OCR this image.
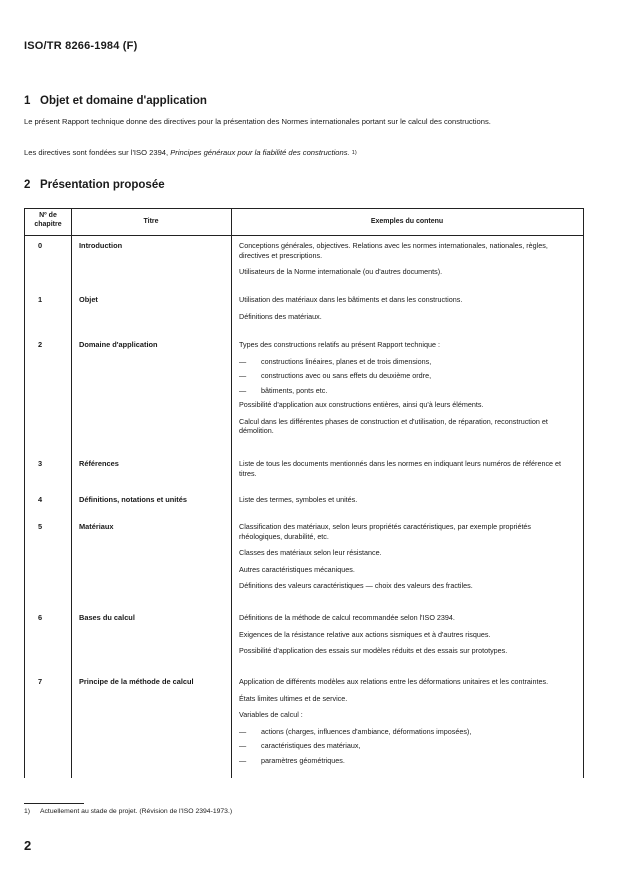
ISO/TR 8266-1984 (F)
1 Objet et domaine d'application
Le présent Rapport technique donne des directives pour la présentation des Normes internationales portant sur le calcul des constructions.
Les directives sont fondées sur l'ISO 2394, Principes généraux pour la fiabilité des constructions. $^{1)}$
2 Présentation proposée
Nº de chapitre	Titre	Exemples du contenu
0	Introduction	Conceptions générales, objectives. Relations avec les normes internationales, nationales, règles, directives et prescriptions.

Utilisateurs de la Norme internationale (ou d'autres documents).

1	Objet	Utilisation des matériaux dans les bâtiments et dans les constructions.

Définitions des matériaux.

2	Domaine d'application	Types des constructions relatifs au présent Rapport technique :

— constructions linéaires, planes et de trois dimensions,
— constructions avec ou sans effets du deuxième ordre,
— bâtiments, ponts etc.

Possibilité d'application aux constructions entières, ainsi qu'à leurs éléments.

Calcul dans les différentes phases de construction et d'utilisation, de réparation, reconstruction et démolition.

3	Références	Liste de tous les documents mentionnés dans les normes en indiquant leurs numéros de référence et titres.

4	Définitions, notations et unités	Liste des termes, symboles et unités.

5	Matériaux	Classification des matériaux, selon leurs propriétés caractéristiques, par exemple propriétés rhéologiques, durabilité, etc.

Classes des matériaux selon leur résistance.

Autres caractéristiques mécaniques.

Définitions des valeurs caractéristiques — choix des valeurs des fractiles.

6	Bases du calcul	Définitions de la méthode de calcul recommandée selon l'ISO 2394.

Exigences de la résistance relative aux actions sismiques et à d'autres risques.

Possibilité d'application des essais sur modèles réduits et des essais sur prototypes.

7	Principe de la méthode de calcul	Application de différents modèles aux relations entre les déformations unitaires et les contraintes.

États limites ultimes et de service.

Variables de calcul :

— actions (charges, influences d'ambiance, déformations imposées),
— caractéristiques des matériaux,
— paramètres géométriques.
1) Actuellement au stade de projet. (Révision de l'ISO 2394-1973.)
2
